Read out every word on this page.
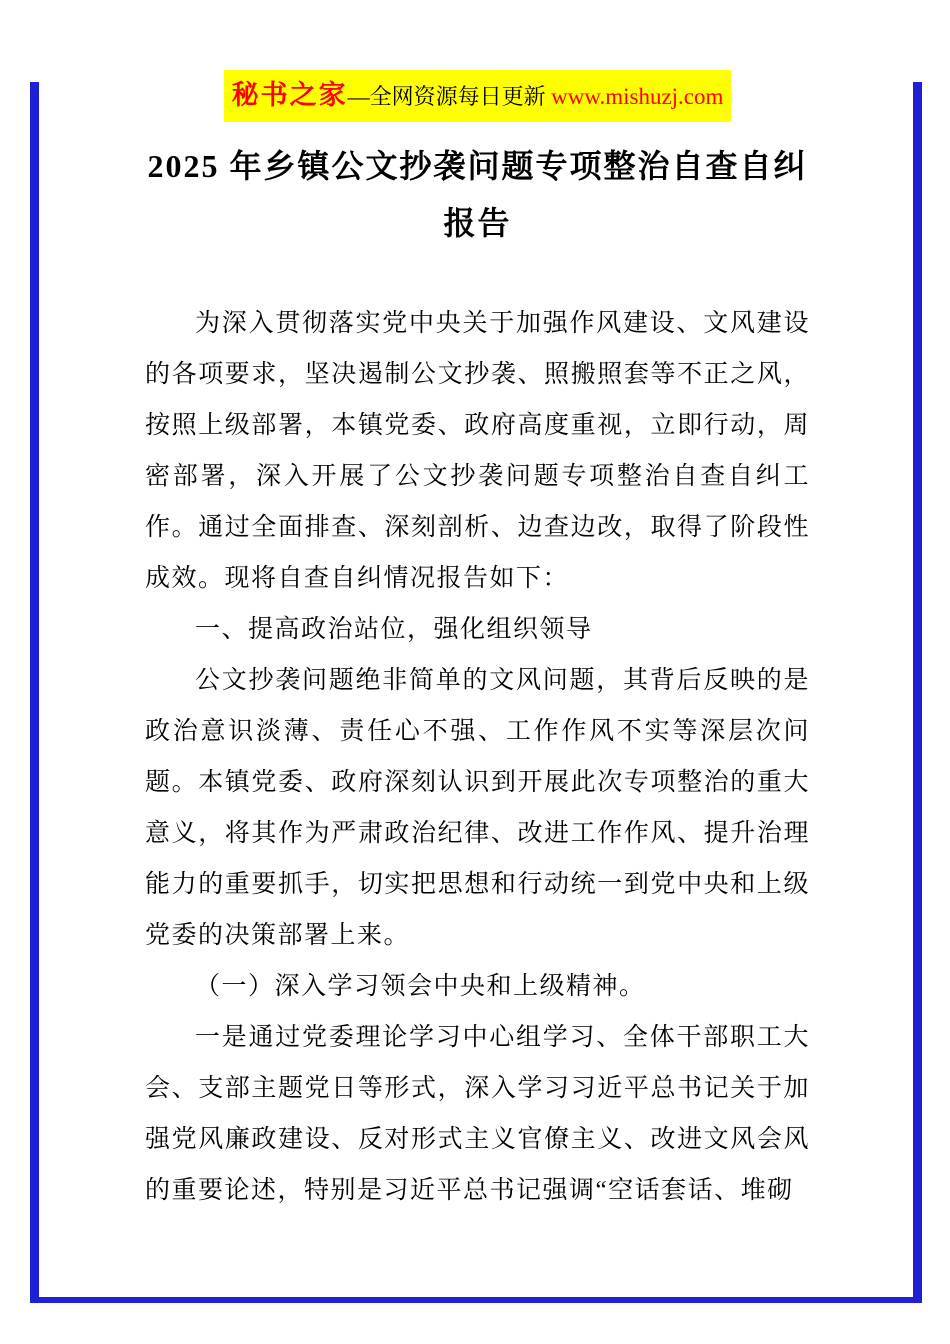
秘书之家—全网资源每日更新 www.mishuzj.com
2025 年乡镇公文抄袭问题专项整治自查自纠
报告

为深入贯彻落实党中央关于加强作风建设、文风建设的各项要求，坚决遏制公文抄袭、照搬照套等不正之风，按照上级部署，本镇党委、政府高度重视，立即行动，周密部署，深入开展了公文抄袭问题专项整治自查自纠工作。通过全面排查、深刻剖析、边查边改，取得了阶段性成效。现将自查自纠情况报告如下：

一、提高政治站位，强化组织领导

公文抄袭问题绝非简单的文风问题，其背后反映的是政治意识淡薄、责任心不强、工作作风不实等深层次问题。本镇党委、政府深刻认识到开展此次专项整治的重大意义，将其作为严肃政治纪律、改进工作作风、提升治理能力的重要抓手，切实把思想和行动统一到党中央和上级党委的决策部署上来。

（一）深入学习领会中央和上级精神。

一是通过党委理论学习中心组学习、全体干部职工大会、支部主题党日等形式，深入学习习近平总书记关于加强党风廉政建设、反对形式主义官僚主义、改进文风会风的重要论述，特别是习近平总书记强调“空话套话、堆砌
